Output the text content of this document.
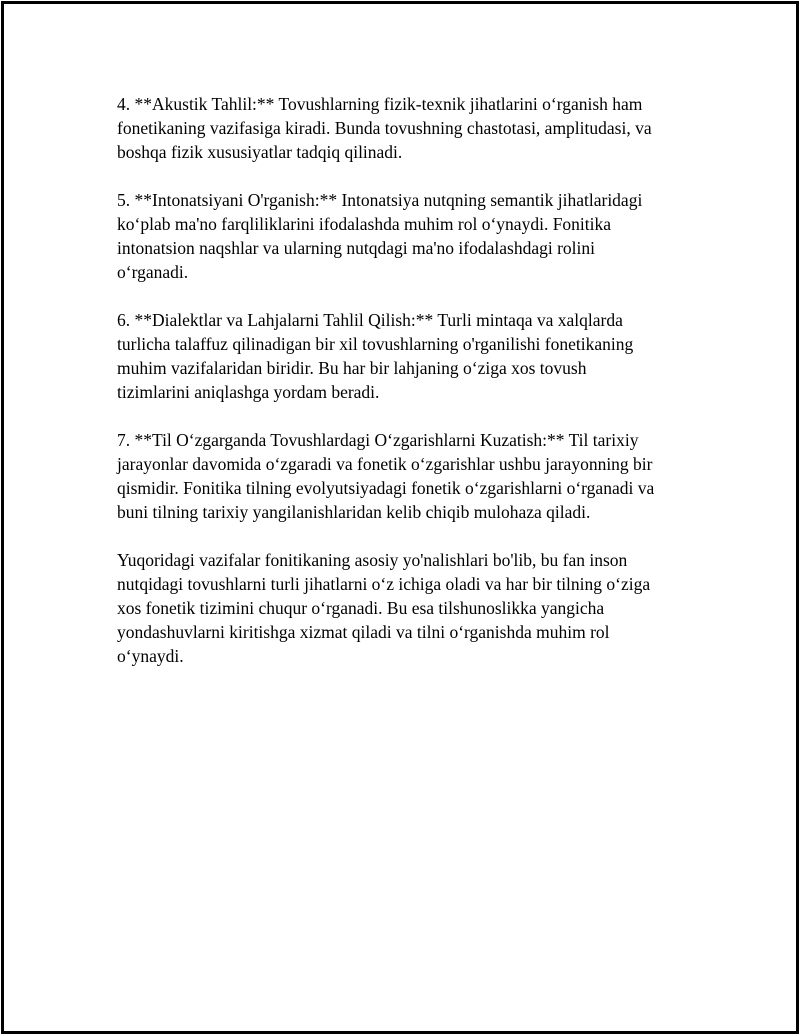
4. **Akustik Tahlil:** Tovushlarning fizik-texnik jihatlarini o‘rganish ham
fonetikaning vazifasiga kiradi. Bunda tovushning chastotasi, amplitudasi, va
boshqa fizik xususiyatlar tadqiq qilinadi.

5. **Intonatsiyani O'rganish:** Intonatsiya nutqning semantik jihatlaridagi
ko‘plab ma'no farqliliklarini ifodalashda muhim rol o‘ynaydi. Fonitika
intonatsion naqshlar va ularning nutqdagi ma'no ifodalashdagi rolini
o‘rganadi.

6. **Dialektlar va Lahjalarni Tahlil Qilish:** Turli mintaqa va xalqlarda
turlicha talaffuz qilinadigan bir xil tovushlarning o'rganilishi fonetikaning
muhim vazifalaridan biridir. Bu har bir lahjaning o‘ziga xos tovush
tizimlarini aniqlashga yordam beradi.

7. **Til O‘zgarganda Tovushlardagi O‘zgarishlarni Kuzatish:** Til tarixiy
jarayonlar davomida o‘zgaradi va fonetik o‘zgarishlar ushbu jarayonning bir
qismidir. Fonitika tilning evolyutsiyadagi fonetik o‘zgarishlarni o‘rganadi va
buni tilning tarixiy yangilanishlaridan kelib chiqib mulohaza qiladi.

Yuqoridagi vazifalar fonitikaning asosiy yo'nalishlari bo'lib, bu fan inson
nutqidagi tovushlarni turli jihatlarni o‘z ichiga oladi va har bir tilning o‘ziga
xos fonetik tizimini chuqur o‘rganadi. Bu esa tilshunoslikka yangicha
yondashuvlarni kiritishga xizmat qiladi va tilni o‘rganishda muhim rol
o‘ynaydi.
